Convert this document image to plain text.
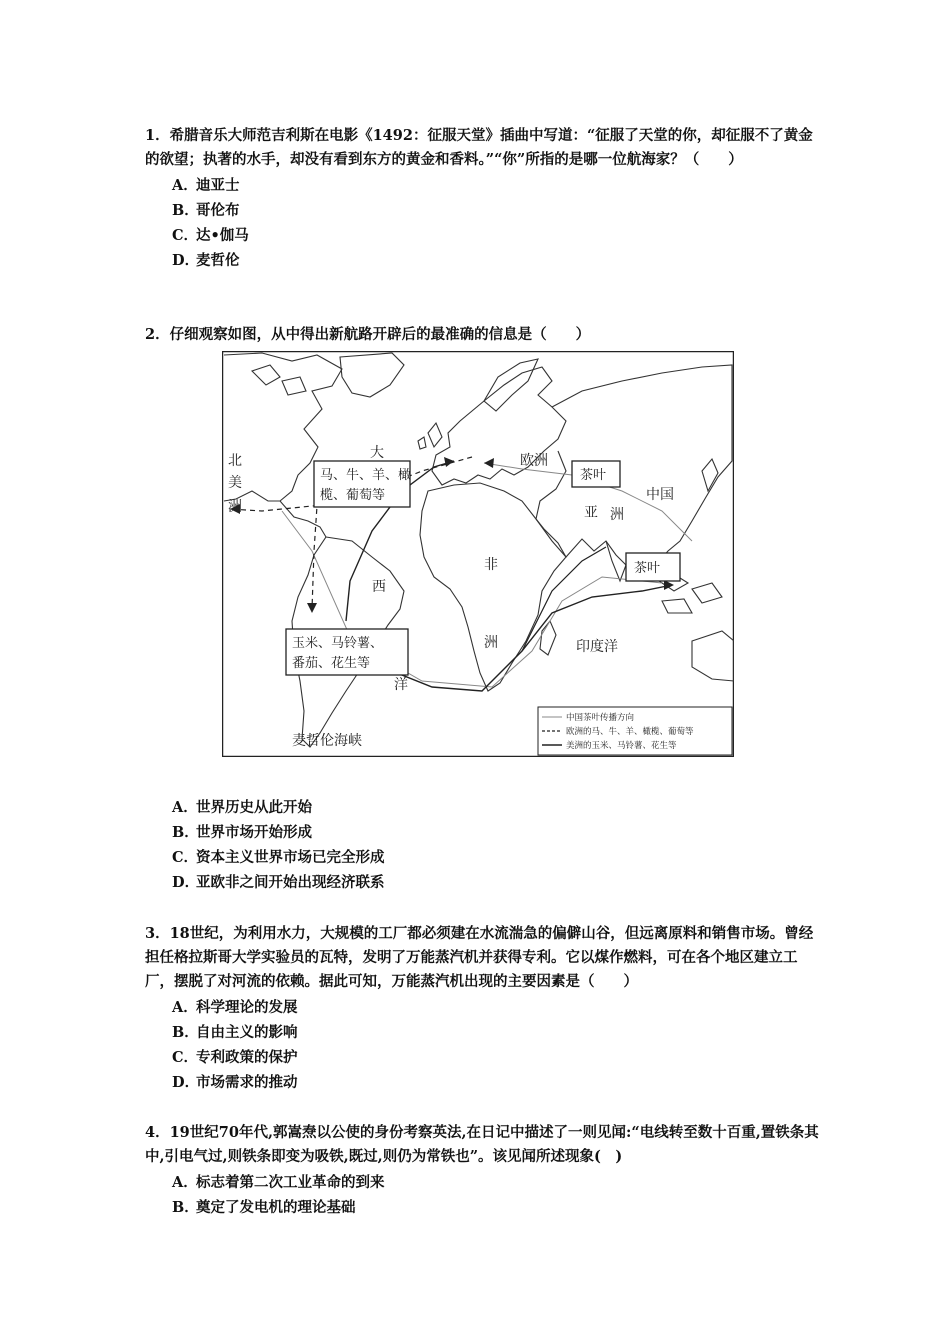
1．希腊音乐大师范吉利斯在电影《1492：征服天堂》插曲中写道：“征服了天堂的你，却征服不了黄金的欲望；执著的水手，却没有看到东方的黄金和香料。”“你”所指的是哪一位航海家？（　　）

A．迪亚士
B．哥伦布
C．达•伽马
D．麦哲伦

2．仔细观察如图，从中得出新航路开辟后的最准确的信息是（　　）

大
西
洋
北
美
洲
欧洲
中国
亚 洲
非
洲	印度洋
麦哲伦海峡
马、牛、羊、橄
榄、葡萄等
茶叶
茶叶
玉米、马铃薯、
番茄、花生等
中国茶叶传播方向
欧洲的马、牛、羊、橄榄、葡萄等
美洲的玉米、马铃薯、花生等
A．世界历史从此开始
B．世界市场开始形成
C．资本主义世界市场已完全形成
D．亚欧非之间开始出现经济联系

3．18世纪，为利用水力，大规模的工厂都必须建在水流湍急的偏僻山谷，但远离原料和销售市场。曾经担任格拉斯哥大学实验员的瓦特，发明了万能蒸汽机并获得专利。它以煤作燃料，可在各个地区建立工厂，摆脱了对河流的依赖。据此可知，万能蒸汽机出现的主要因素是（　　）

A．科学理论的发展
B．自由主义的影响
C．专利政策的保护
D．市场需求的推动

4．19世纪70年代,郭嵩焘以公使的身份考察英法,在日记中描述了一则见闻:“电线转至数十百重,置铁条其中,引电气过,则铁条即变为吸铁,既过,则仍为常铁也”。该见闻所述现象(　)

A．标志着第二次工业革命的到来
B．奠定了发电机的理论基础
